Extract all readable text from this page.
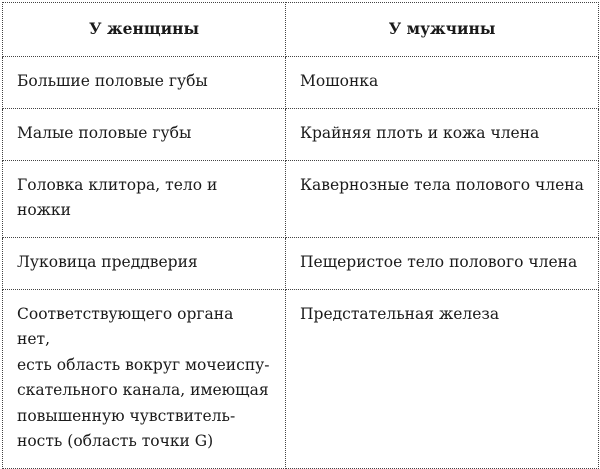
У женщины	У мужчины
Большие половые губы	Мошонка
Малые половые губы	Крайняя плоть и кожа члена
Головка клитора, тело и ножки	Кавернозные тела полового члена
Луковица преддверия	Пещеристое тело полового члена
Соответствующего органа нет,
есть область вокруг мочеиспу-
скательного канала, имеющая
повышенную чувствитель-
ность (область точки G)	Предстательная железа
